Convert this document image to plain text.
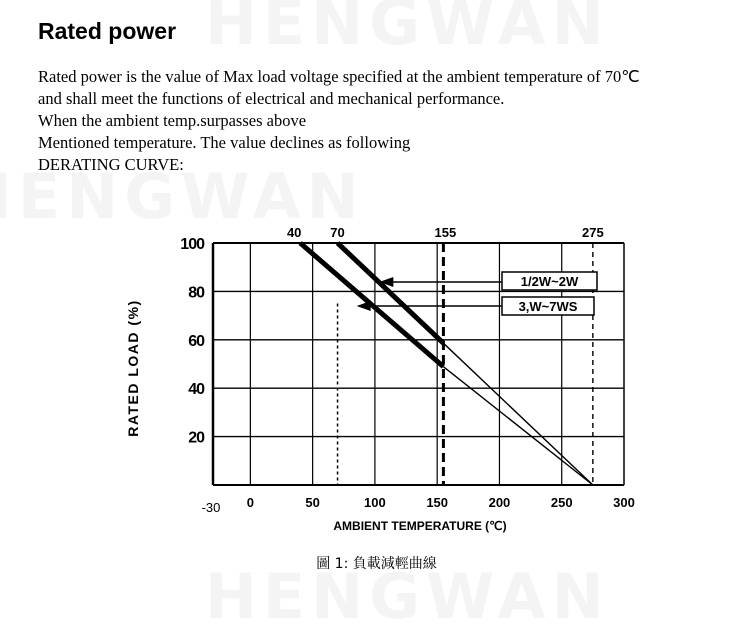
Rated power

Rated power is the value of Max load voltage specified at the ambient temperature of 70℃

and shall meet the functions of electrical and mechanical performance.

When the ambient temp.surpasses above

Mentioned temperature. The value declines as following

DERATING CURVE:

1/2W~2W
3,W~7WS
20
40
60
80
100
-30 0	50	100	150	200	250	300
40 70	155	275
AMBIENT TEMPERATURE (℃)
RATED LOAD (%)
圖 1: 負載減輕曲線
